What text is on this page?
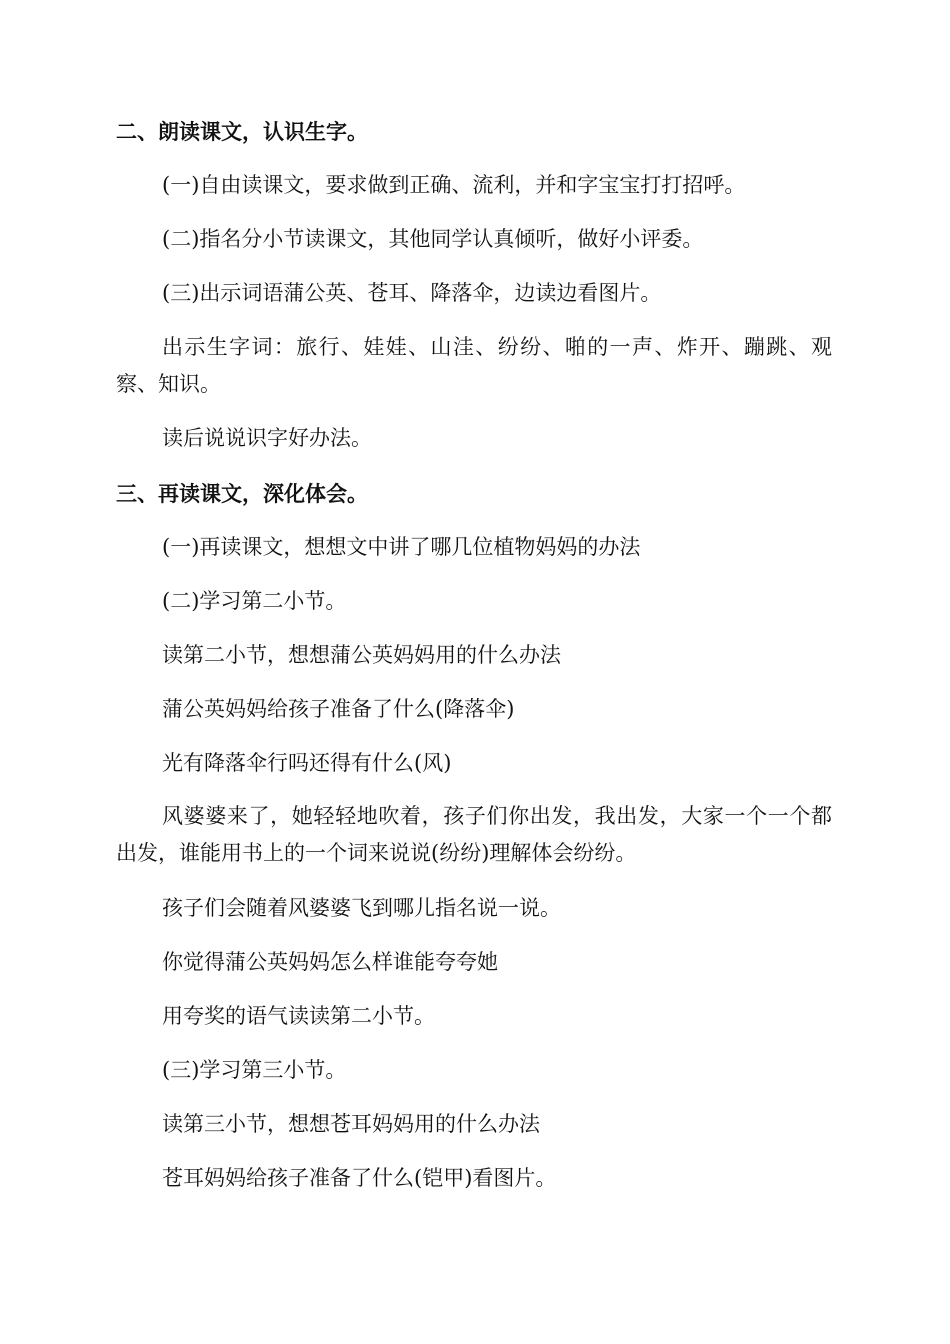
二、朗读课文，认识生字。
(一)自由读课文，要求做到正确、流利，并和字宝宝打打招呼。
(二)指名分小节读课文，其他同学认真倾听，做好小评委。
(三)出示词语蒲公英、苍耳、降落伞，边读边看图片。
出示生字词：旅行、娃娃、山洼、纷纷、啪的一声、炸开、蹦跳、观察、知识。
读后说说识字好办法。
三、再读课文，深化体会。
(一)再读课文，想想文中讲了哪几位植物妈妈的办法
(二)学习第二小节。
读第二小节，想想蒲公英妈妈用的什么办法
蒲公英妈妈给孩子准备了什么(降落伞)
光有降落伞行吗还得有什么(风)
风婆婆来了，她轻轻地吹着，孩子们你出发，我出发，大家一个一个都出发，谁能用书上的一个词来说说(纷纷)理解体会纷纷。
孩子们会随着风婆婆飞到哪儿指名说一说。
你觉得蒲公英妈妈怎么样谁能夸夸她
用夸奖的语气读读第二小节。
(三)学习第三小节。
读第三小节，想想苍耳妈妈用的什么办法
苍耳妈妈给孩子准备了什么(铠甲)看图片。
